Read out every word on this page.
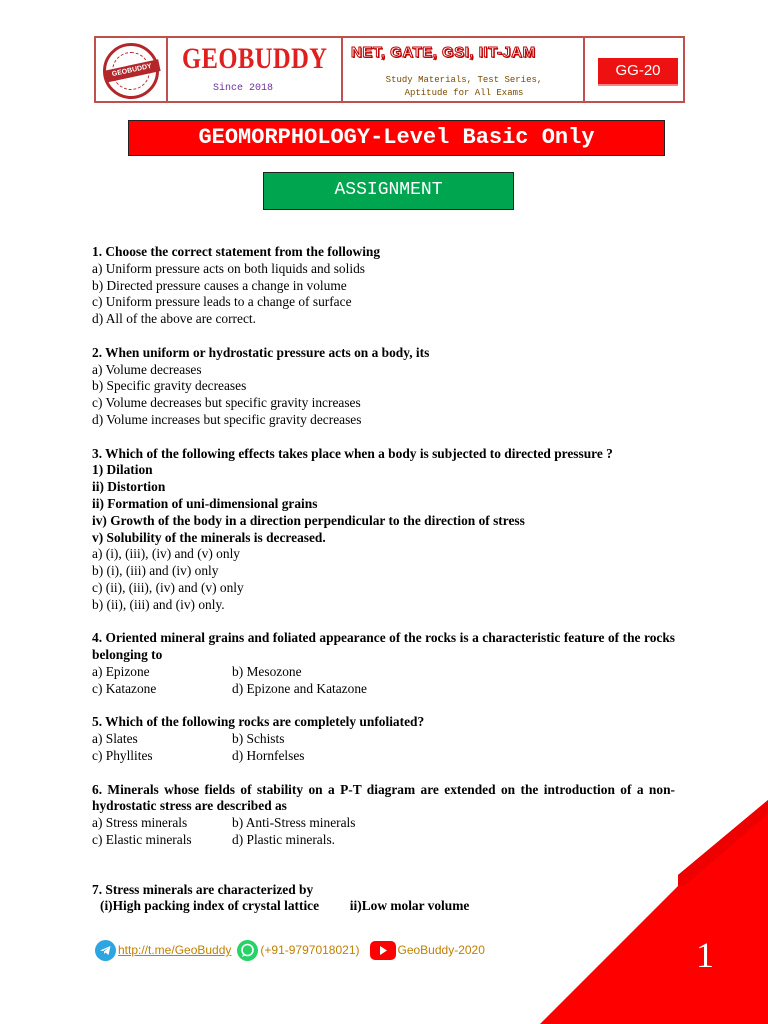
GEOBUDDY GEOBUDDY
Since 2018
NET, GATE, GSI, IIT-JAM
Study Materials, Test Series,
Aptitude for All Exams
GG-20
GEOMORPHOLOGY-Level Basic Only
ASSIGNMENT
1. Choose the correct statement from the following
a) Uniform pressure acts on both liquids and solids
b) Directed pressure causes a change in volume
c) Uniform pressure leads to a change of surface
d) All of the above are correct.
2. When uniform or hydrostatic pressure acts on a body, its
a) Volume decreases
b) Specific gravity decreases
c) Volume decreases but specific gravity increases
d) Volume increases but specific gravity decreases
3. Which of the following effects takes place when a body is subjected to directed pressure ?
1) Dilation
ii) Distortion
ii) Formation of uni-dimensional grains
iv) Growth of the body in a direction perpendicular to the direction of stress
v) Solubility of the minerals is decreased.
a) (i), (iii), (iv) and (v) only
b) (i), (iii) and (iv) only
c) (ii), (iii), (iv) and (v) only
b) (ii), (iii) and (iv) only.
4. Oriented mineral grains and foliated appearance of the rocks is a characteristic feature of the rocks belonging to
a) Epizone	b) Mesozone
c) Katazone	d) Epizone and Katazone
5. Which of the following rocks are completely unfoliated?
a) Slates	b) Schists
c) Phyllites	d) Hornfelses
6. Minerals whose fields of stability on a P-T diagram are extended on the introduction of a non-hydrostatic stress are described as
a) Stress minerals	b) Anti-Stress minerals
c) Elastic minerals	d) Plastic minerals.
7. Stress minerals are characterized by
(i)High packing index of crystal lattice ii)Low molar volume
http://t.me/GeoBuddy (+91-9797018021)	GeoBuddy-2020	1
